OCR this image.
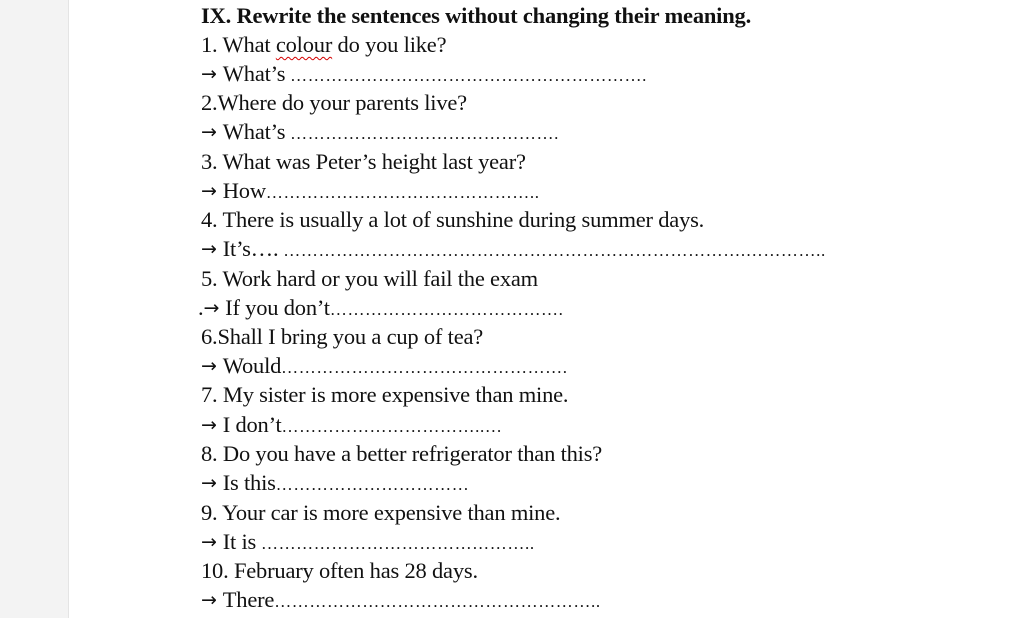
IX. Rewrite the sentences without changing their meaning.
1. What colour do you like?
→ What’s …………………………………………………….
2.Where do your parents live?
→ What’s ……………………………………….
3. What was Peter’s height last year?
→ How………………………………………..
4. There is usually a lot of sunshine during summer days.
→ It’s…. …………………………………………………………………….…………..
5. Work hard or you will fail the exam
.→ If you don’t………………………………….
6.Shall I bring you a cup of tea?
→ Would………………………………………….
7. My sister is more expensive than mine.
→ I don’t……………………………..…
8. Do you have a better refrigerator than this?
→ Is this……………………………
9. Your car is more expensive than mine.
→ It is ………………………………………..
10. February often has 28 days.
→ There………………………………………………..
